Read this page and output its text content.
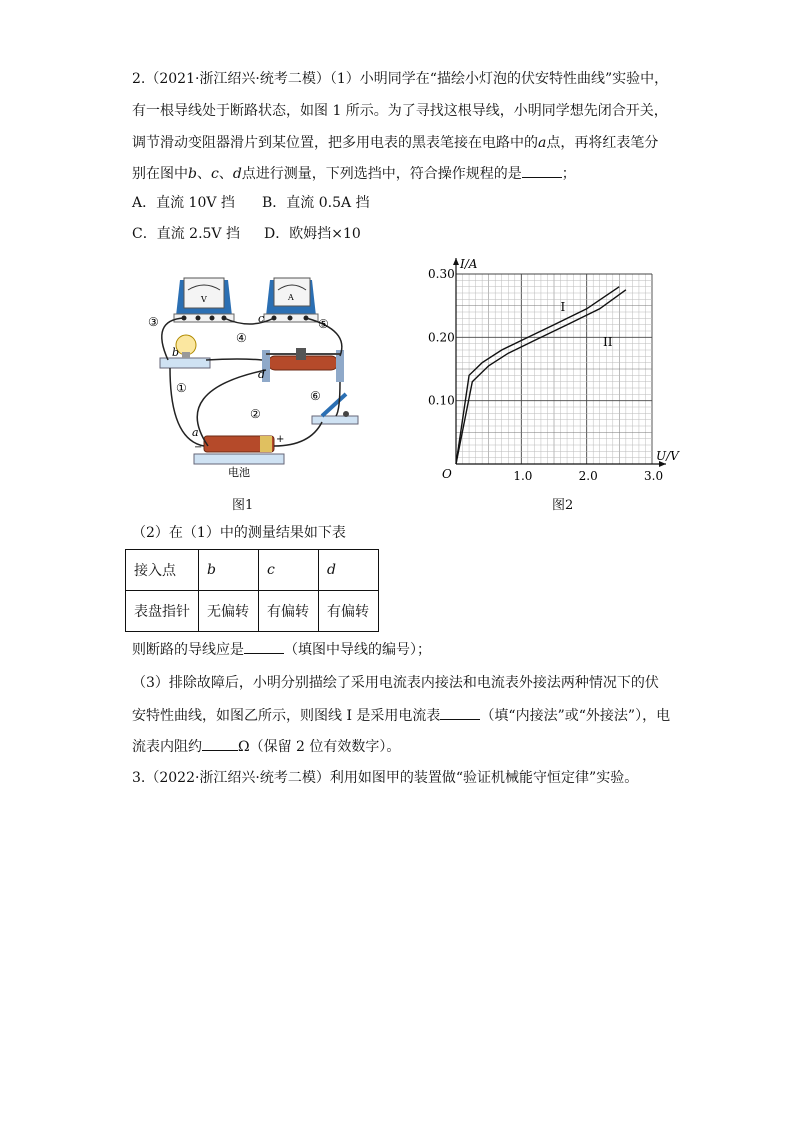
2.（2021·浙江绍兴·统考二模）（1）小明同学在“描绘小灯泡的伏安特性曲线”实验中，
有一根导线处于断路状态，如图 1 所示。为了寻找这根导线，小明同学想先闭合开关，
调节滑动变阻器滑片到某位置，把多用电表的黑表笔接在电路中的a点，再将红表笔分
别在图中b、c、d点进行测量，下列选挡中，符合操作规程的是	；
A．直流 10V 挡 B．直流 0.5A 挡
C．直流 2.5V 挡 D．欧姆挡×10
V	A
③
④
⑤
①
②
⑥
b
c
d
a
−
+
电池
图1
1.0	2.0	3.0
0.10
0.20
0.30
I/A
U/V
O
I
II
图2
（2）在（1）中的测量结果如下表
接入点	b	c	d
表盘指针	无偏转	有偏转	有偏转
则断路的导线应是	（填图中导线的编号）；
（3）排除故障后，小明分别描绘了采用电流表内接法和电流表外接法两种情况下的伏
安特性曲线，如图乙所示，则图线 I 是采用电流表	（填“内接法”或“外接法”），电
流表内阻约	Ω（保留 2 位有效数字）。
3.（2022·浙江绍兴·统考二模）利用如图甲的装置做“验证机械能守恒定律”实验。
